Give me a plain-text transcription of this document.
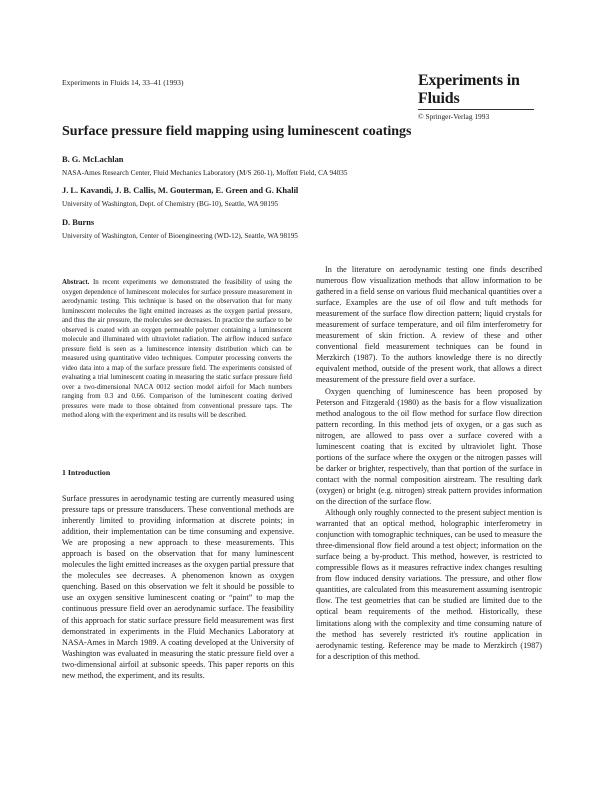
Experiments in Fluids 14, 33–41 (1993)	Experiments in Fluids
© Springer-Verlag 1993
Surface pressure field mapping using luminescent coatings
B. G. McLachlan
NASA-Ames Research Center, Fluid Mechanics Laboratory (M/S 260-1), Moffett Field, CA 94035
J. L. Kavandi, J. B. Callis, M. Gouterman, E. Green and G. Khalil
University of Washington, Dept. of Chemistry (BG-10), Seattle, WA 98195
D. Burns
University of Washington, Center of Bioengineering (WD-12), Seattle, WA 98195
Abstract. In recent experiments we demonstrated the feasibility of using the oxygen dependence of luminescent molecules for surface pressure measurement in aerodynamic testing. This technique is based on the observation that for many luminescent molecules the light emitted increases as the oxygen partial pressure, and thus the air pressure, the molecules see decreases. In practice the surface to be observed is coated with an oxygen permeable polymer containing a luminescent molecule and illuminated with ultraviolet radiation. The airflow induced surface pressure field is seen as a luminescence intensity distribution which can be measured using quantitative video techniques. Computer processing converts the video data into a map of the surface pressure field. The experiments consisted of evaluating a trial luminescent coating in measuring the static surface pressure field over a two-dimensional NACA 0012 section model airfoil for Mach numbers ranging from 0.3 and 0.66. Comparison of the luminescent coating derived pressures were made to those obtained from conventional pressure taps. The method along with the experiment and its results will be described.
1 Introduction

Surface pressures in aerodynamic testing are currently measured using pressure taps or pressure transducers. These conventional methods are inherently limited to providing information at discrete points; in addition, their implementation can be time consuming and expensive. We are proposing a new approach to these measurements. This approach is based on the observation that for many luminescent molecules the light emitted increases as the oxygen partial pressure that the molecules see decreases. A phenomenon known as oxygen quenching. Based on this observation we felt it should be possible to use an oxygen sensitive luminescent coating or “paint” to map the continuous pressure field over an aerodynamic surface. The feasibility of this approach for static surface pressure field measurement was first demonstrated in experiments in the Fluid Mechanics Laboratory at NASA-Ames in March 1989. A coating developed at the University of Washington was evaluated in measuring the static pressure field over a two-dimensional airfoil at subsonic speeds. This paper reports on this new method, the experiment, and its results.

In the literature on aerodynamic testing one finds described numerous flow visualization methods that allow information to be gathered in a field sense on various fluid mechanical quantities over a surface. Examples are the use of oil flow and tuft methods for measurement of the surface flow direction pattern; liquid crystals for measurement of surface temperature, and oil film interferometry for measurement of skin friction. A review of these and other conventional field measurement techniques can be found in Merzkirch (1987). To the authors knowledge there is no directly equivalent method, outside of the present work, that allows a direct measurement of the pressure field over a surface.

Oxygen quenching of luminescence has been proposed by Peterson and Fitzgerald (1980) as the basis for a flow visualization method analogous to the oil flow method for surface flow direction pattern recording. In this method jets of oxygen, or a gas such as nitrogen, are allowed to pass over a surface covered with a luminescent coating that is excited by ultraviolet light. Those portions of the surface where the oxygen or the nitrogen passes will be darker or brighter, respectively, than that portion of the surface in contact with the normal composition airstream. The resulting dark (oxygen) or bright (e.g. nitrogen) streak pattern provides information on the direction of the surface flow.

Although only roughly connected to the present subject mention is warranted that an optical method, holographic interferometry in conjunction with tomographic techniques, can be used to measure the three-dimensional flow field around a test object; information on the surface being a by-product. This method, however, is restricted to compressible flows as it measures refractive index changes resulting from flow induced density variations. The pressure, and other flow quantities, are calculated from this measurement assuming isentropic flow. The test geometries that can be studied are limited due to the optical beam requirements of the method. Historically, these limitations along with the complexity and time consuming nature of the method has severely restricted it's routine application in aerodynamic testing. Reference may be made to Merzkirch (1987) for a description of this method.
